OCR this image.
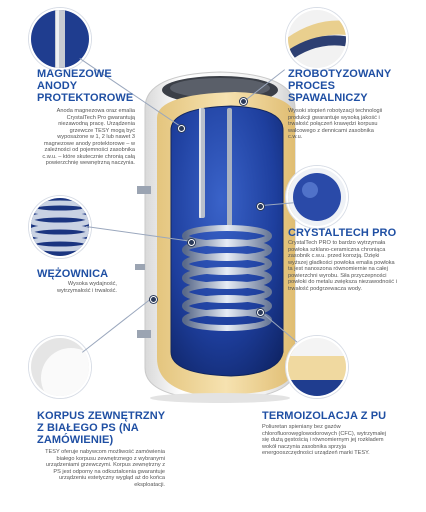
MAGNEZOWE
ANODY
PROTEKTOROWE

Anoda magnezowa oraz emalia CrystalTech Pro gwarantują niezawodną pracę. Urządzenia grzewcze TESY mogą być wyposażone w 1, 2 lub nawet 3 magnezowe anody protektorowe – w zależności od pojemności zasobnika c.w.u. – które skutecznie chronią całą powierzchnię wewnętrzną naczynia.

WĘŻOWNICA

Wysoka wydajność, wytrzymałość i trwałość.

KORPUS ZEWNĘTRZNY
Z BIAŁEGO PS (NA
ZAMÓWIENIE)

TESY oferuje nabywcom możliwość zamówienia białego korpusu zewnętrznego z wybranymi urządzeniami grzewczymi. Korpus zewnętrzny z PS jest odporny na odkształcenia gwarantuje urządzeniu estetyczny wygląd aż do końca eksploatacji.

ZROBOTYZOWANY
PROCES
SPAWALNICZY

Wysoki stopień robotyzacji technologii produkcji gwarantuje wysoką jakość i trwałość połączeń krawędzi korpusu walcowego z dennicami zasobnika c.w.u.

CRYSTALTECH PRO

CrystalTech PRO to bardzo wytrzymała powłoka szklano-ceramiczna chroniąca zasobnik c.w.u. przed korozją. Dzięki wyższej gładkości powłoka emalia powłoka ta jest nanoszona równomiernie na całej powierzchni wyrobu. Siła przyczepności powłoki do metalu zwiększa niezawodność i trwałość podgrzewacza wody.

TERMOIZOLACJA Z PU

Poliuretan spieniany bez gazów chlorofluorowęglowodorowych (CFC), wytrzymałej się dużą gęstością i równomiernym jej rozkładem wokół naczynia zasobnika sprzyja energooszczędności urządzeń marki TESY.
